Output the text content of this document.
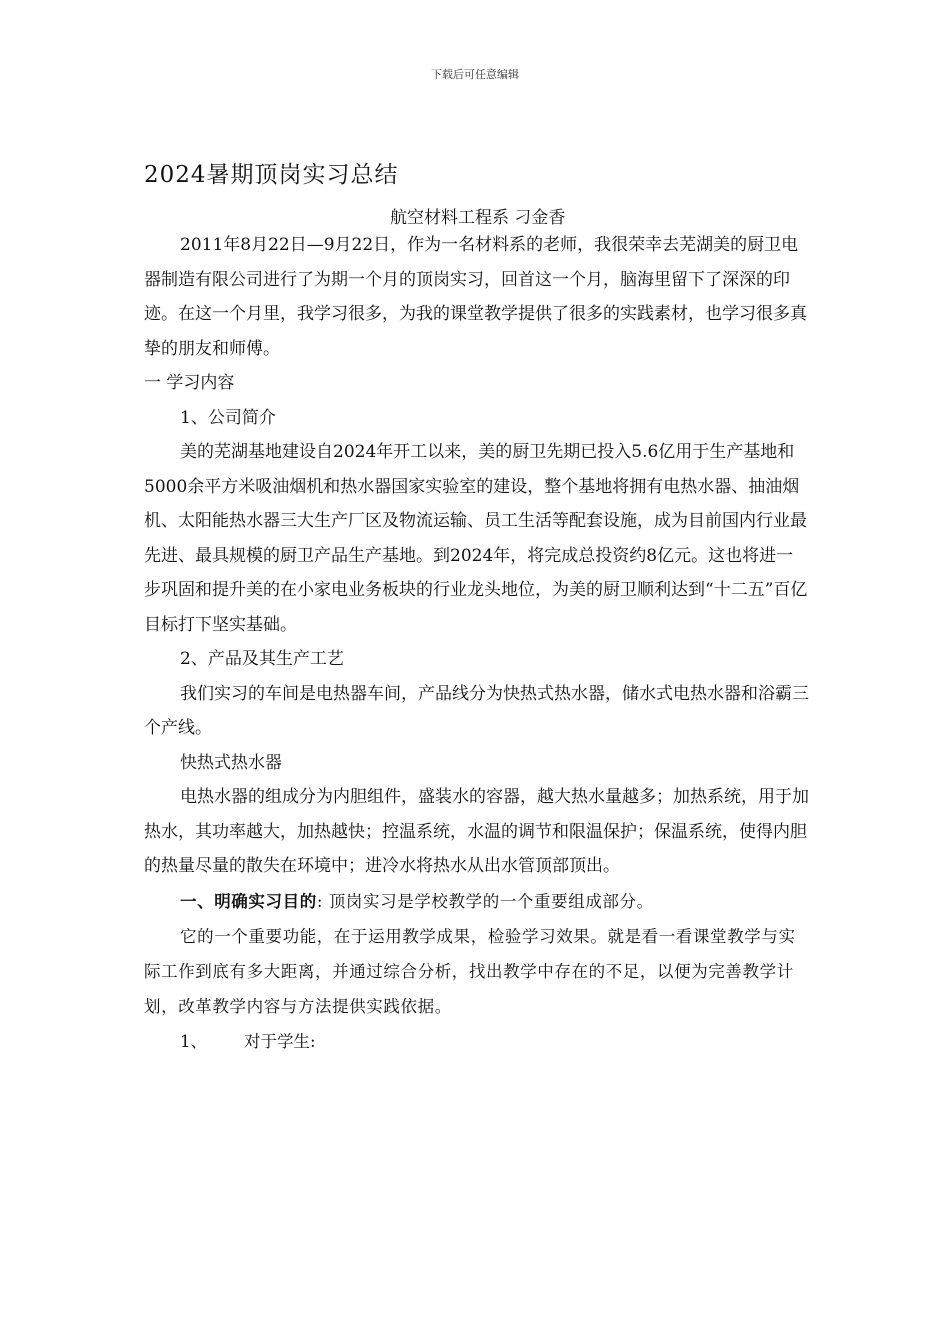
下载后可任意编辑
2024暑期顶岗实习总结
航空材料工程系 刁金香

2011年8月22日—9月22日，作为一名材料系的老师，我很荣幸去芜湖美的厨卫电器制造有限公司进行了为期一个月的顶岗实习，回首这一个月，脑海里留下了深深的印迹。在这一个月里，我学习很多，为我的课堂教学提供了很多的实践素材，也学习很多真挚的朋友和师傅。

一 学习内容

1、公司简介

美的芜湖基地建设自2024年开工以来，美的厨卫先期已投入5.6亿用于生产基地和5000余平方米吸油烟机和热水器国家实验室的建设，整个基地将拥有电热水器、抽油烟机、太阳能热水器三大生产厂区及物流运输、员工生活等配套设施，成为目前国内行业最先进、最具规模的厨卫产品生产基地。到2024年，将完成总投资约8亿元。这也将进一步巩固和提升美的在小家电业务板块的行业龙头地位，为美的厨卫顺利达到“十二五”百亿目标打下坚实基础。

2、产品及其生产工艺

我们实习的车间是电热器车间，产品线分为快热式热水器，储水式电热水器和浴霸三个产线。

快热式热水器

电热水器的组成分为内胆组件，盛装水的容器，越大热水量越多；加热系统，用于加热水，其功率越大，加热越快；控温系统，水温的调节和限温保护；保温系统，使得内胆的热量尽量的散失在环境中；进冷水将热水从出水管顶部顶出。

一、明确实习目的: 顶岗实习是学校教学的一个重要组成部分。

它的一个重要功能，在于运用教学成果，检验学习效果。就是看一看课堂教学与实际工作到底有多大距离，并通过综合分析，找出教学中存在的不足，以便为完善教学计划，改革教学内容与方法提供实践依据。

1、 对于学生:
